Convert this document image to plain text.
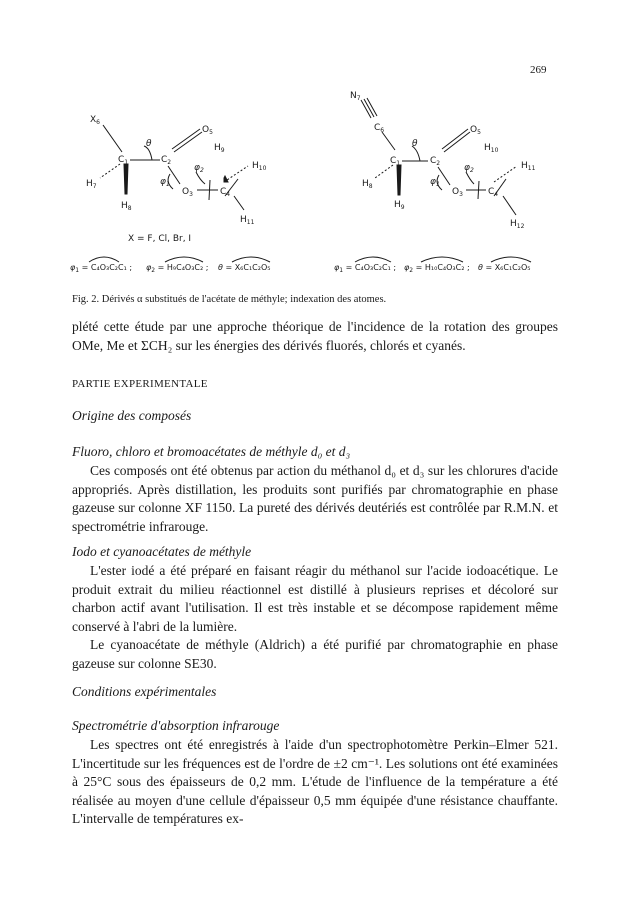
269
$X_6$
$C_1$	$C_2$
$O_5$
$O_3$	$C_4$
$H_7$
$H_8$
$H_9$
$H_{10}$
$H_{11}$
θ
$\varphi_1$
$\varphi_2$
X = F, Cl, Br, I
$\varphi_1 = C_4O_3C_2C_1$ ; $\varphi_2 = H_9C_4O_3C_2$ ; θ = X₆C₁C₂O₅
$N_7$
$C_6$
$C_1$	$C_2$
$O_5$
$O_3$	$C_4$
$H_8$
$H_9$
$H_{10}$
$H_{11}$
$H_{12}$
θ
$\varphi_1$
$\varphi_2$
$\varphi_1 = C_4O_3C_2C_1$ ; $\varphi_2 = H_{10}C_4O_3C_2$ ; θ = X₆C₁C₂O₅
Fig. 2. Dérivés α substitués de l'acétate de méthyle; indexation des atomes.

plété cette étude par une approche théorique de l'incidence de la rotation des groupes OMe, Me et ΣCH₂ sur les énergies des dérivés fluorés, chlorés et cyanés.

PARTIE EXPERIMENTALE
Origine des composés
Fluoro, chloro et bromoacétates de méthyle d₀ et d₃

Ces composés ont été obtenus par action du méthanol d₀ et d₃ sur les chlorures d'acide appropriés. Après distillation, les produits sont purifiés par chromatographie en phase gazeuse sur colonne XF 1150. La pureté des dérivés deutériés est contrôlée par R.M.N. et spectrométrie infrarouge.

Iodo et cyanoacétates de méthyle

L'ester iodé a été préparé en faisant réagir du méthanol sur l'acide iodoacétique. Le produit extrait du milieu réactionnel est distillé à plusieurs reprises et décoloré sur charbon actif avant l'utilisation. Il est très instable et se décompose rapidement même conservé à l'abri de la lumière.

Le cyanoacétate de méthyle (Aldrich) a été purifié par chromatographie en phase gazeuse sur colonne SE30.

Conditions expérimentales
Spectrométrie d'absorption infrarouge

Les spectres ont été enregistrés à l'aide d'un spectrophotomètre Perkin–Elmer 521. L'incertitude sur les fréquences est de l'ordre de ±2 cm⁻¹. Les solutions ont été examinées à 25°C sous des épaisseurs de 0,2 mm. L'étude de l'influence de la température a été réalisée au moyen d'une cellule d'épaisseur 0,5 mm équipée d'une résistance chauffante. L'intervalle de températures ex-
